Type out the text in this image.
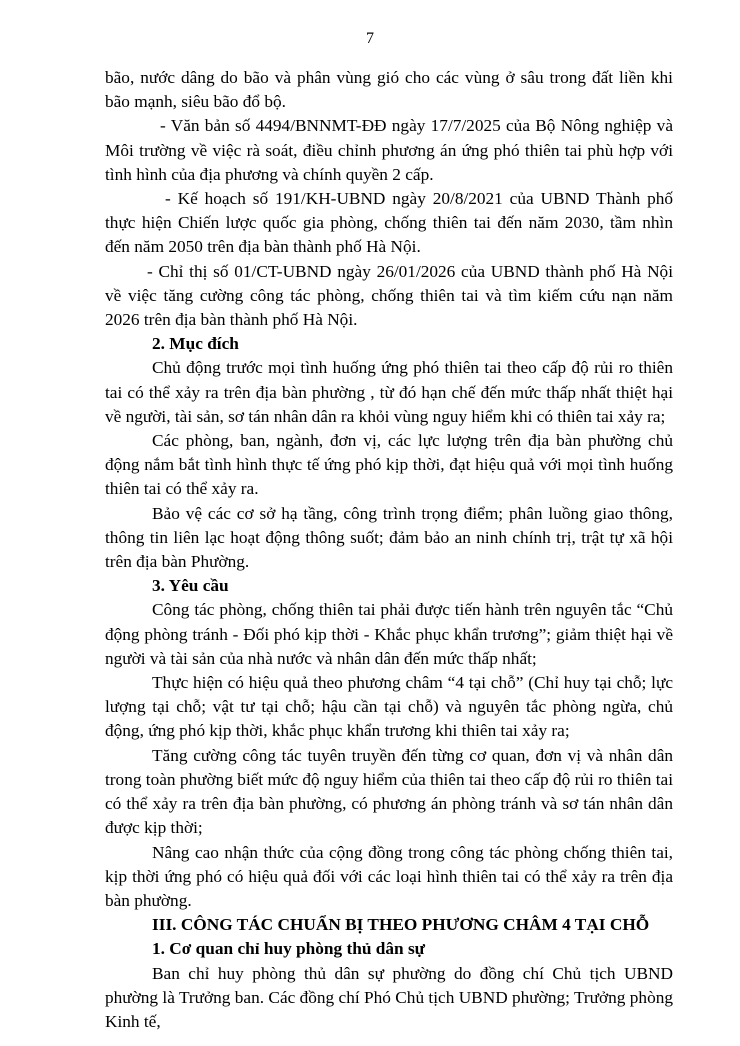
7

bão, nước dâng do bão và phân vùng gió cho các vùng ở sâu trong đất liền khi bão mạnh, siêu bão đổ bộ.

- Văn bản số 4494/BNNMT-ĐĐ ngày 17/7/2025 của Bộ Nông nghiệp và Môi trường về việc rà soát, điều chỉnh phương án ứng phó thiên tai phù hợp với tình hình của địa phương và chính quyền 2 cấp.

- Kế hoạch số 191/KH-UBND ngày 20/8/2021 của UBND Thành phố thực hiện Chiến lược quốc gia phòng, chống thiên tai đến năm 2030, tầm nhìn đến năm 2050 trên địa bàn thành phố Hà Nội.

- Chỉ thị số 01/CT-UBND ngày 26/01/2026 của UBND thành phố Hà Nội về việc tăng cường công tác phòng, chống thiên tai và tìm kiếm cứu nạn năm 2026 trên địa bàn thành phố Hà Nội.

2. Mục đích

Chủ động trước mọi tình huống ứng phó thiên tai theo cấp độ rủi ro thiên tai có thể xảy ra trên địa bàn phường , từ đó hạn chế đến mức thấp nhất thiệt hại về người, tài sản, sơ tán nhân dân ra khỏi vùng nguy hiểm khi có thiên tai xảy ra;

Các phòng, ban, ngành, đơn vị, các lực lượng trên địa bàn phường chủ động nắm bắt tình hình thực tế ứng phó kịp thời, đạt hiệu quả với mọi tình huống thiên tai có thể xảy ra.

Bảo vệ các cơ sở hạ tầng, công trình trọng điểm; phân luồng giao thông, thông tin liên lạc hoạt động thông suốt; đảm bảo an ninh chính trị, trật tự xã hội trên địa bàn Phường.

3. Yêu cầu

Công tác phòng, chống thiên tai phải được tiến hành trên nguyên tắc “Chủ động phòng tránh - Đối phó kịp thời - Khắc phục khẩn trương”; giảm thiệt hại về người và tài sản của nhà nước và nhân dân đến mức thấp nhất;

Thực hiện có hiệu quả theo phương châm “4 tại chỗ” (Chỉ huy tại chỗ; lực lượng tại chỗ; vật tư tại chỗ; hậu cần tại chỗ) và nguyên tắc phòng ngừa, chủ động, ứng phó kịp thời, khắc phục khẩn trương khi thiên tai xảy ra;

Tăng cường công tác tuyên truyền đến từng cơ quan, đơn vị và nhân dân trong toàn phường biết mức độ nguy hiểm của thiên tai theo cấp độ rủi ro thiên tai có thể xảy ra trên địa bàn phường, có phương án phòng tránh và sơ tán nhân dân được kịp thời;

Nâng cao nhận thức của cộng đồng trong công tác phòng chống thiên tai, kịp thời ứng phó có hiệu quả đối với các loại hình thiên tai có thể xảy ra trên địa bàn phường.

III. CÔNG TÁC CHUẨN BỊ THEO PHƯƠNG CHÂM 4 TẠI CHỖ

1. Cơ quan chỉ huy phòng thủ dân sự

Ban chỉ huy phòng thủ dân sự phường do đồng chí Chủ tịch UBND phường là Trưởng ban. Các đồng chí Phó Chủ tịch UBND phường; Trưởng phòng Kinh tế,
